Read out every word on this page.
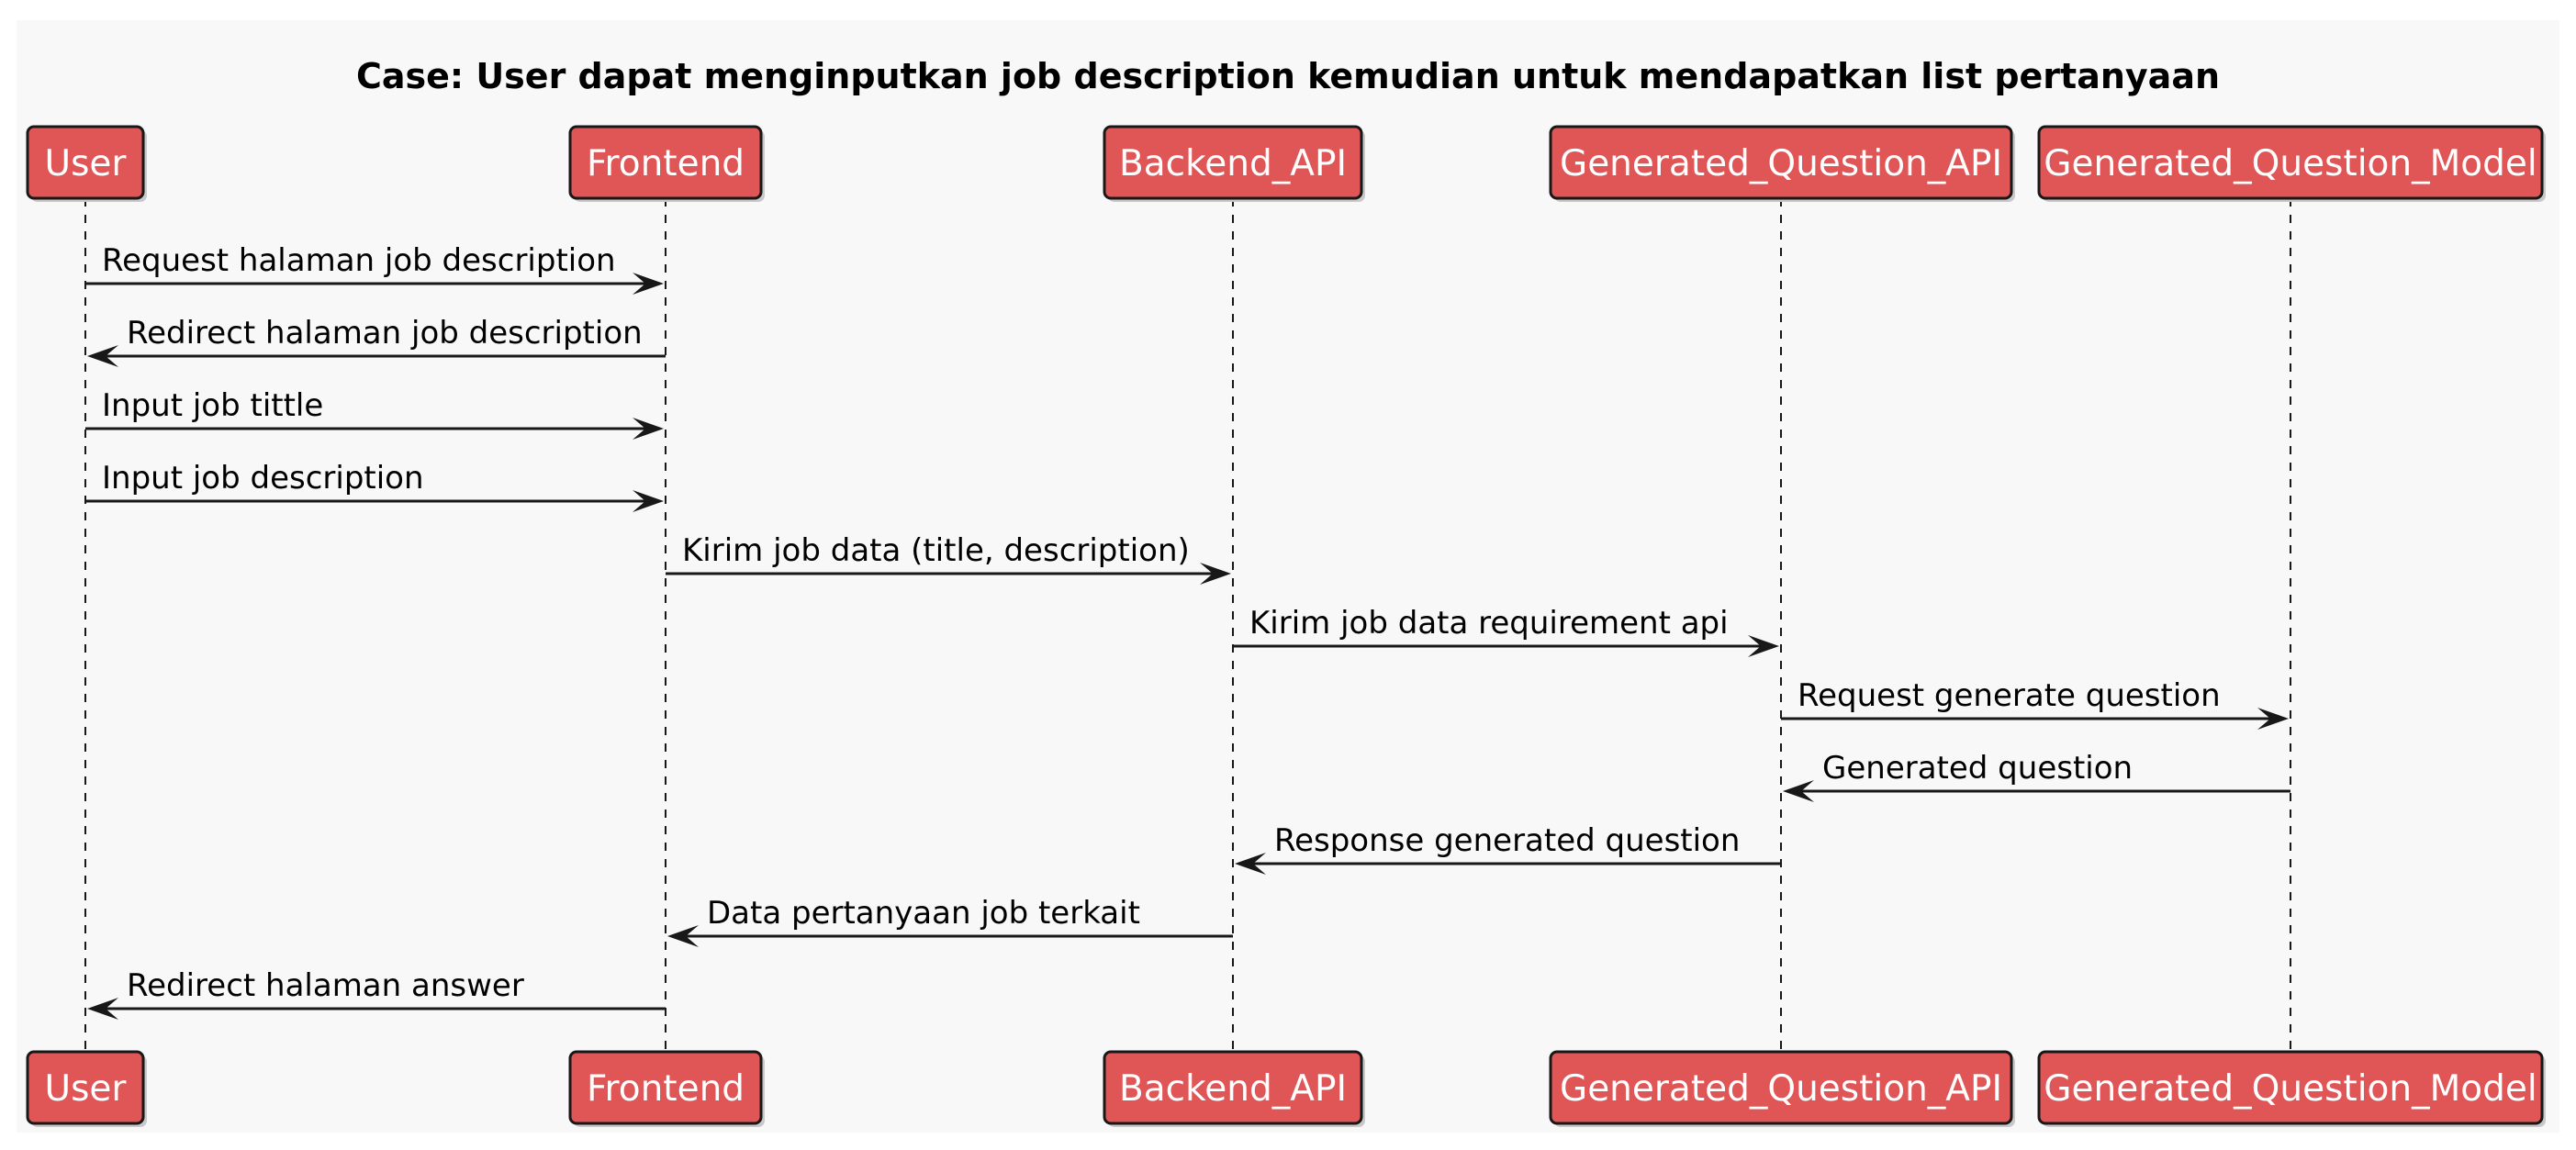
Case: User dapat menginputkan job description kemudian untuk mendapatkan list pertanyaan
Request halaman job description
Redirect halaman job description
Input job tittle
Input job description
Kirim job data (title, description)
Kirim job data requirement api
Request generate question
Generated question
Response generated question
Data pertanyaan job terkait
Redirect halaman answer
User	Frontend	Backend_API	Generated_Question_API Generated_Question_Model
User	Frontend	Backend_API	Generated_Question_API Generated_Question_Model
